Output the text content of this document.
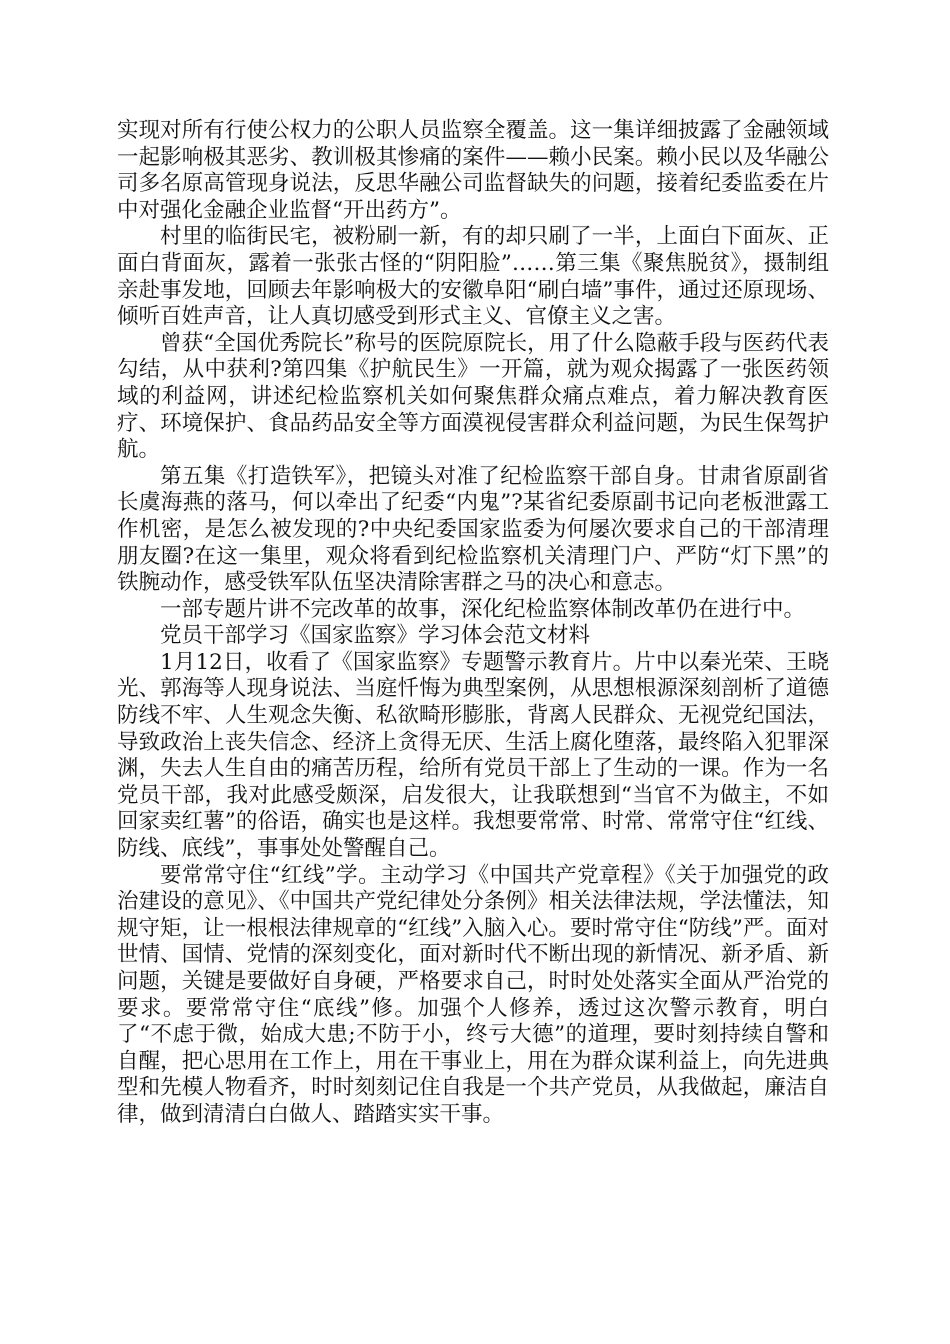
实现对所有行使公权力的公职人员监察全覆盖。这一集详细披露了金融领域一起影响极其恶劣、教训极其惨痛的案件——赖小民案。赖小民以及华融公司多名原高管现身说法，反思华融公司监督缺失的问题，接着纪委监委在片中对强化金融企业监督“开出药方”。

村里的临街民宅，被粉刷一新，有的却只刷了一半，上面白下面灰、正面白背面灰，露着一张张古怪的“阴阳脸”……第三集《聚焦脱贫》，摄制组亲赴事发地，回顾去年影响极大的安徽阜阳“刷白墙”事件，通过还原现场、倾听百姓声音，让人真切感受到形式主义、官僚主义之害。

曾获“全国优秀院长”称号的医院原院长，用了什么隐蔽手段与医药代表勾结，从中获利?第四集《护航民生》一开篇，就为观众揭露了一张医药领域的利益网，讲述纪检监察机关如何聚焦群众痛点难点，着力解决教育医疗、环境保护、食品药品安全等方面漠视侵害群众利益问题，为民生保驾护航。

第五集《打造铁军》，把镜头对准了纪检监察干部自身。甘肃省原副省长虞海燕的落马，何以牵出了纪委“内鬼”?某省纪委原副书记向老板泄露工作机密，是怎么被发现的?中央纪委国家监委为何屡次要求自己的干部清理朋友圈?在这一集里，观众将看到纪检监察机关清理门户、严防“灯下黑”的铁腕动作，感受铁军队伍坚决清除害群之马的决心和意志。

一部专题片讲不完改革的故事，深化纪检监察体制改革仍在进行中。

党员干部学习《国家监察》学习体会范文材料

1月12日，收看了《国家监察》专题警示教育片。片中以秦光荣、王晓光、郭海等人现身说法、当庭忏悔为典型案例，从思想根源深刻剖析了道德防线不牢、人生观念失衡、私欲畸形膨胀，背离人民群众、无视党纪国法，导致政治上丧失信念、经济上贪得无厌、生活上腐化堕落，最终陷入犯罪深渊，失去人生自由的痛苦历程，给所有党员干部上了生动的一课。作为一名党员干部，我对此感受颇深，启发很大，让我联想到“当官不为做主，不如回家卖红薯”的俗语，确实也是这样。我想要常常、时常、常常守住“红线、防线、底线”，事事处处警醒自己。

要常常守住“红线”学。主动学习《中国共产党章程》《关于加强党的政治建设的意见》、《中国共产党纪律处分条例》相关法律法规，学法懂法，知规守矩，让一根根法律规章的“红线”入脑入心。要时常守住“防线”严。面对世情、国情、党情的深刻变化，面对新时代不断出现的新情况、新矛盾、新问题，关键是要做好自身硬，严格要求自己，时时处处落实全面从严治党的要求。要常常守住“底线”修。加强个人修养，透过这次警示教育，明白了“不虑于微，始成大患;不防于小，终亏大德”的道理，要时刻持续自警和自醒，把心思用在工作上，用在干事业上，用在为群众谋利益上，向先进典型和先模人物看齐，时时刻刻记住自我是一个共产党员，从我做起，廉洁自律，做到清清白白做人、踏踏实实干事。
